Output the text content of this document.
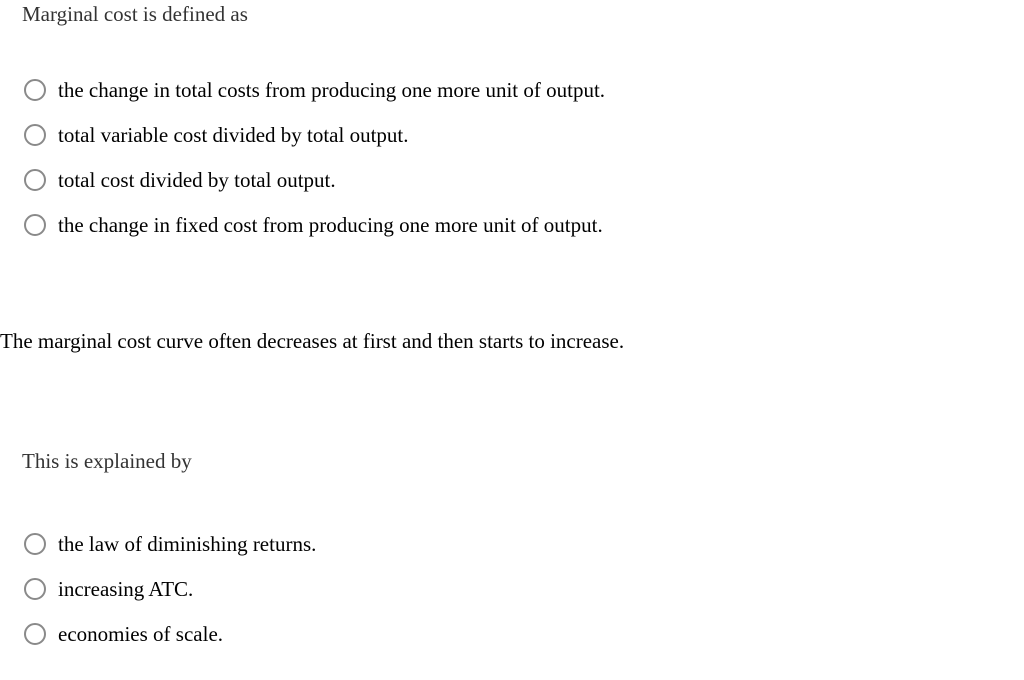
Marginal cost is defined as
the change in total costs from producing one more unit of output.
total variable cost divided by total output.
total cost divided by total output.
the change in fixed cost from producing one more unit of output.
The marginal cost curve often decreases at first and then starts to increase.
This is explained by
the law of diminishing returns.
increasing ATC.
economies of scale.
